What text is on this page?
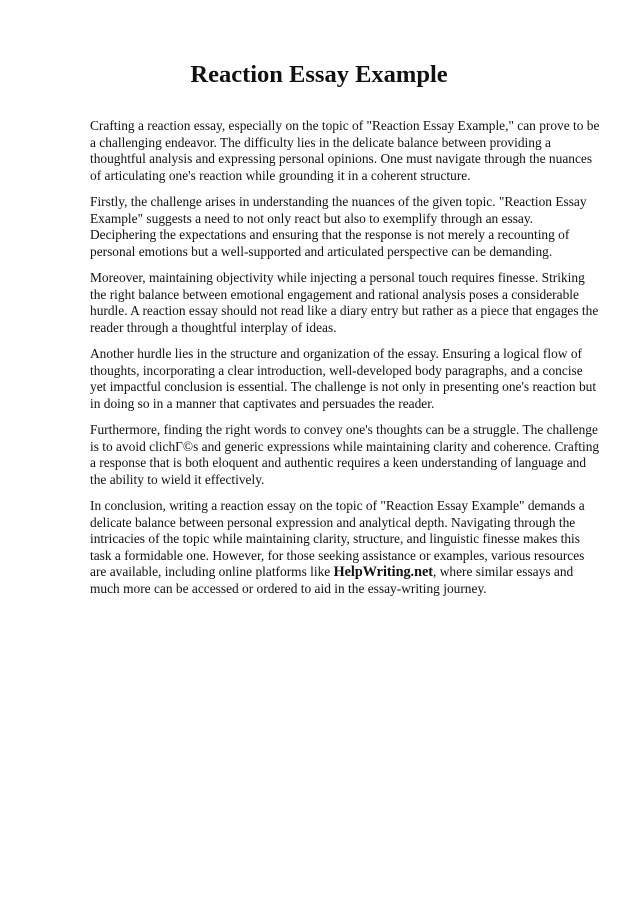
Reaction Essay Example

Crafting a reaction essay, especially on the topic of "Reaction Essay Example," can prove to be a challenging endeavor. The difficulty lies in the delicate balance between providing a thoughtful analysis and expressing personal opinions. One must navigate through the nuances of articulating one's reaction while grounding it in a coherent structure.

Firstly, the challenge arises in understanding the nuances of the given topic. "Reaction Essay Example" suggests a need to not only react but also to exemplify through an essay. Deciphering the expectations and ensuring that the response is not merely a recounting of personal emotions but a well-supported and articulated perspective can be demanding.

Moreover, maintaining objectivity while injecting a personal touch requires finesse. Striking the right balance between emotional engagement and rational analysis poses a considerable hurdle. A reaction essay should not read like a diary entry but rather as a piece that engages the reader through a thoughtful interplay of ideas.

Another hurdle lies in the structure and organization of the essay. Ensuring a logical flow of thoughts, incorporating a clear introduction, well-developed body paragraphs, and a concise yet impactful conclusion is essential. The challenge is not only in presenting one's reaction but in doing so in a manner that captivates and persuades the reader.

Furthermore, finding the right words to convey one's thoughts can be a struggle. The challenge is to avoid clichГ©s and generic expressions while maintaining clarity and coherence. Crafting a response that is both eloquent and authentic requires a keen understanding of language and the ability to wield it effectively.

In conclusion, writing a reaction essay on the topic of "Reaction Essay Example" demands a delicate balance between personal expression and analytical depth. Navigating through the intricacies of the topic while maintaining clarity, structure, and linguistic finesse makes this task a formidable one. However, for those seeking assistance or examples, various resources are available, including online platforms like HelpWriting.net, where similar essays and much more can be accessed or ordered to aid in the essay-writing journey.
